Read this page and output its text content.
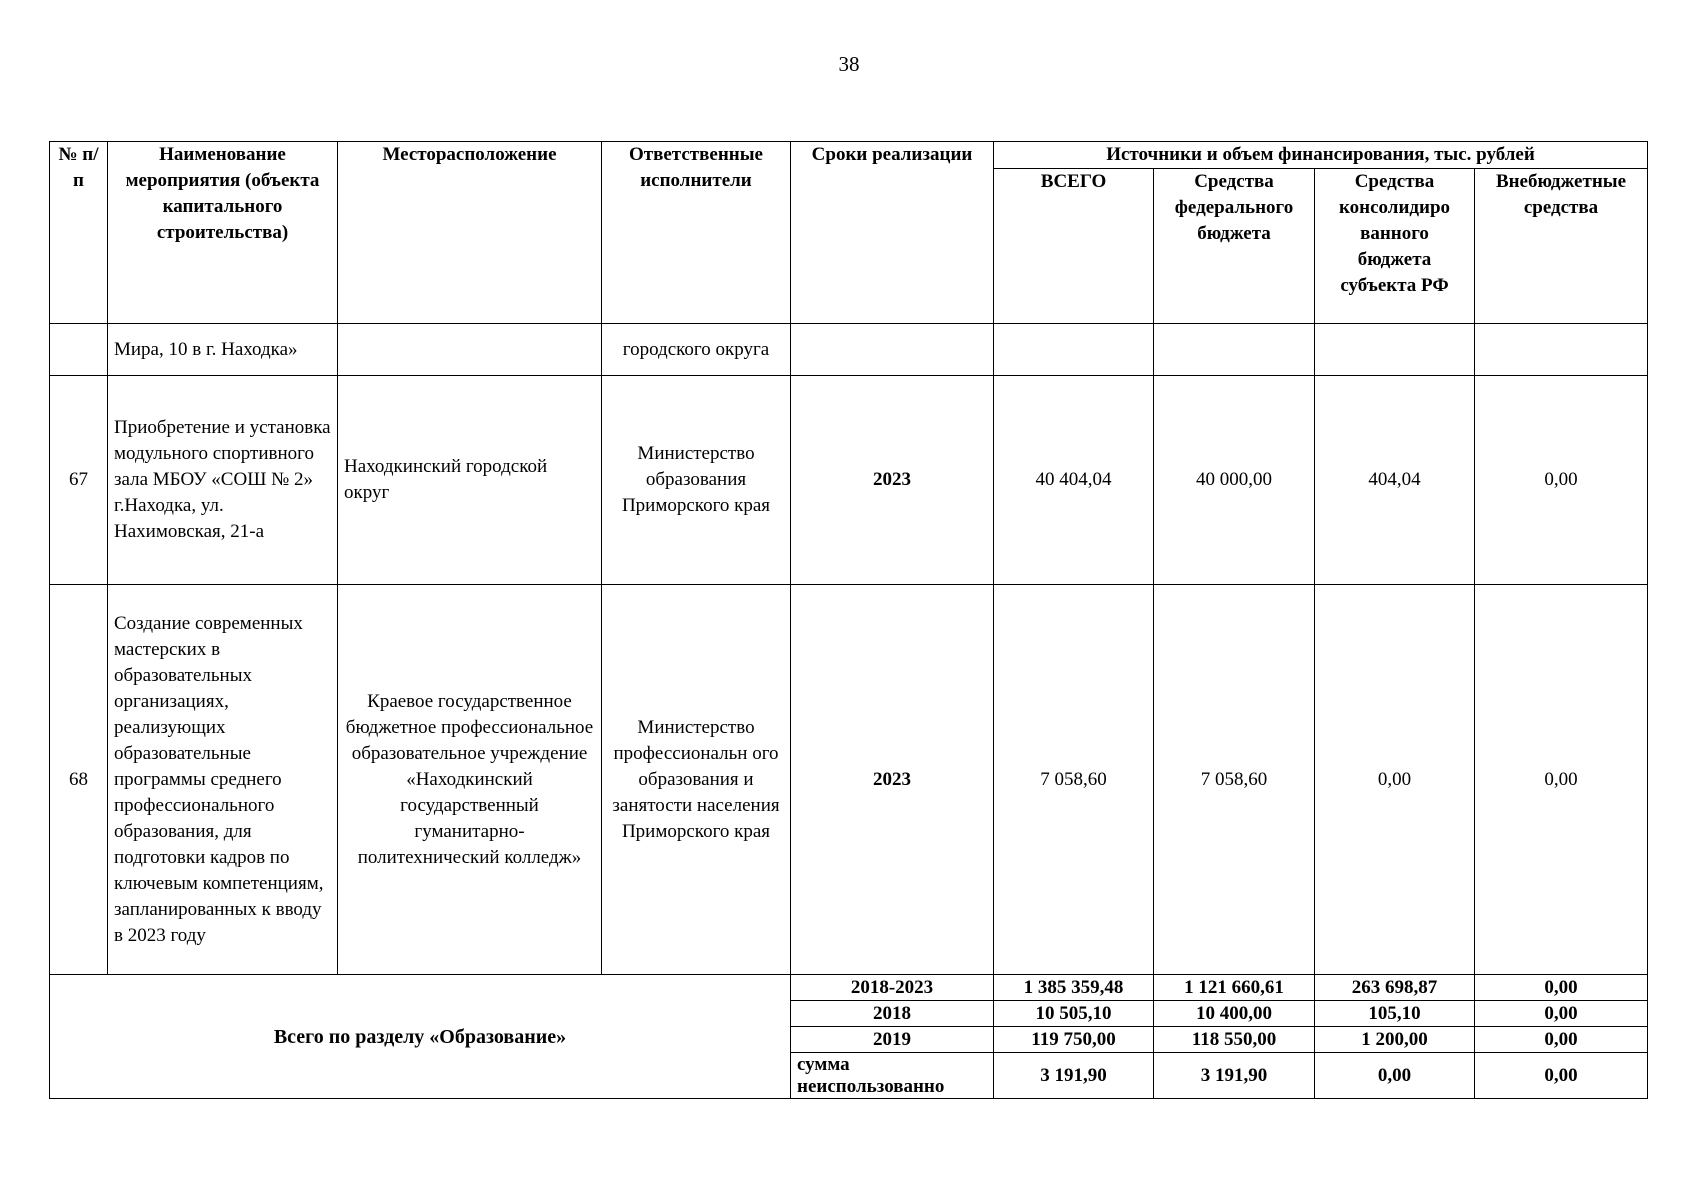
38
№ п/п	Наименование мероприятия (объекта капитального строительства)	Месторасположение	Ответственные исполнители	Сроки реализации	Источники и объем финансирования, тыс. рублей			
					ВСЕГО	Средства федерального бюджета	Средства консолидиро ванного бюджета субъекта РФ	Внебюджетные средства
	Мира, 10 в г. Находка»		городского округа					
67	Приобретение и установка модульного спортивного зала МБОУ «СОШ № 2» г.Находка, ул. Нахимовская, 21-а	Находкинский городской округ	Министерство образования Приморского края	2023	40 404,04	40 000,00	404,04	0,00
68	Создание современных мастерских в образовательных организациях, реализующих образовательные программы среднего профессионального образования, для подготовки кадров по ключевым компетенциям, запланированных к вводу в 2023 году	Краевое государственное бюджетное профессиональное образовательное учреждение «Находкинский государственный гуманитарно-политехнический колледж»	Министерство профессиональн ого образования и занятости населения Приморского края	2023	7 058,60	7 058,60	0,00	0,00
Всего по разделу «Образование»				2018-2023	1 385 359,48	1 121 660,61	263 698,87	0,00
				2018	10 505,10	10 400,00	105,10	0,00
				2019	119 750,00	118 550,00	1 200,00	0,00
				сумма неиспользованно	3 191,90	3 191,90	0,00	0,00
